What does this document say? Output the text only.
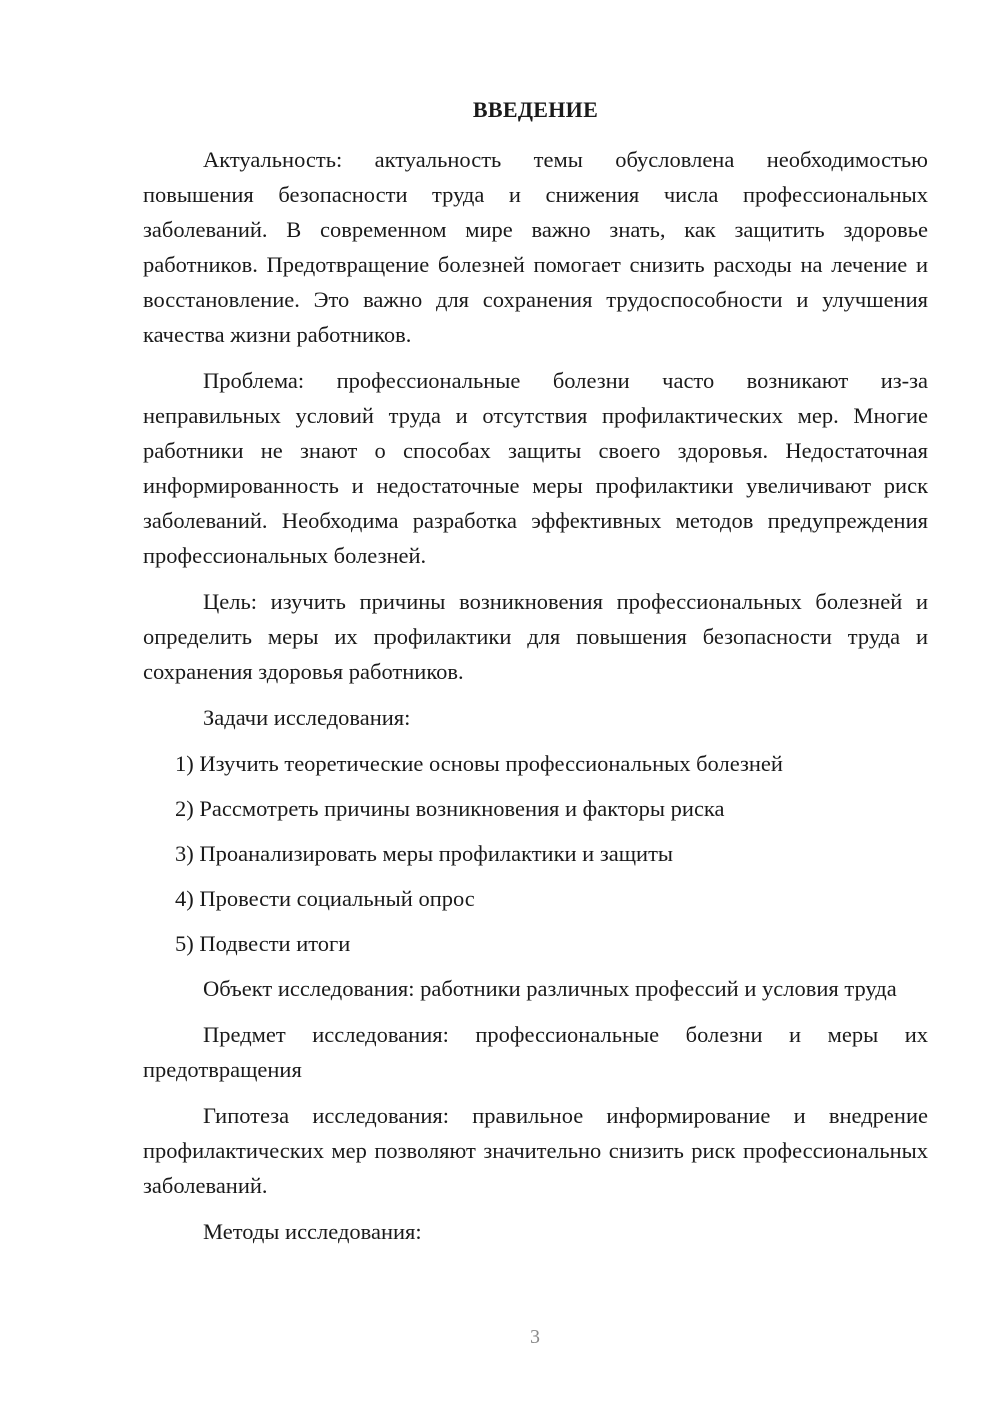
ВВЕДЕНИЕ

Актуальность: актуальность темы обусловлена необходимостью повышения безопасности труда и снижения числа профессиональных заболеваний. В современном мире важно знать, как защитить здоровье работников. Предотвращение болезней помогает снизить расходы на лечение и восстановление. Это важно для сохранения трудоспособности и улучшения качества жизни работников.

Проблема: профессиональные болезни часто возникают из-за неправильных условий труда и отсутствия профилактических мер. Многие работники не знают о способах защиты своего здоровья. Недостаточная информированность и недостаточные меры профилактики увеличивают риск заболеваний. Необходима разработка эффективных методов предупреждения профессиональных болезней.

Цель: изучить причины возникновения профессиональных болезней и определить меры их профилактики для повышения безопасности труда и сохранения здоровья работников.

Задачи исследования:

1) Изучить теоретические основы профессиональных болезней
2) Рассмотреть причины возникновения и факторы риска
3) Проанализировать меры профилактики и защиты
4) Провести социальный опрос
5) Подвести итоги

Объект исследования: работники различных профессий и условия труда

Предмет исследования: профессиональные болезни и меры их предотвращения

Гипотеза исследования: правильное информирование и внедрение профилактических мер позволяют значительно снизить риск профессиональных заболеваний.

Методы исследования:

3
